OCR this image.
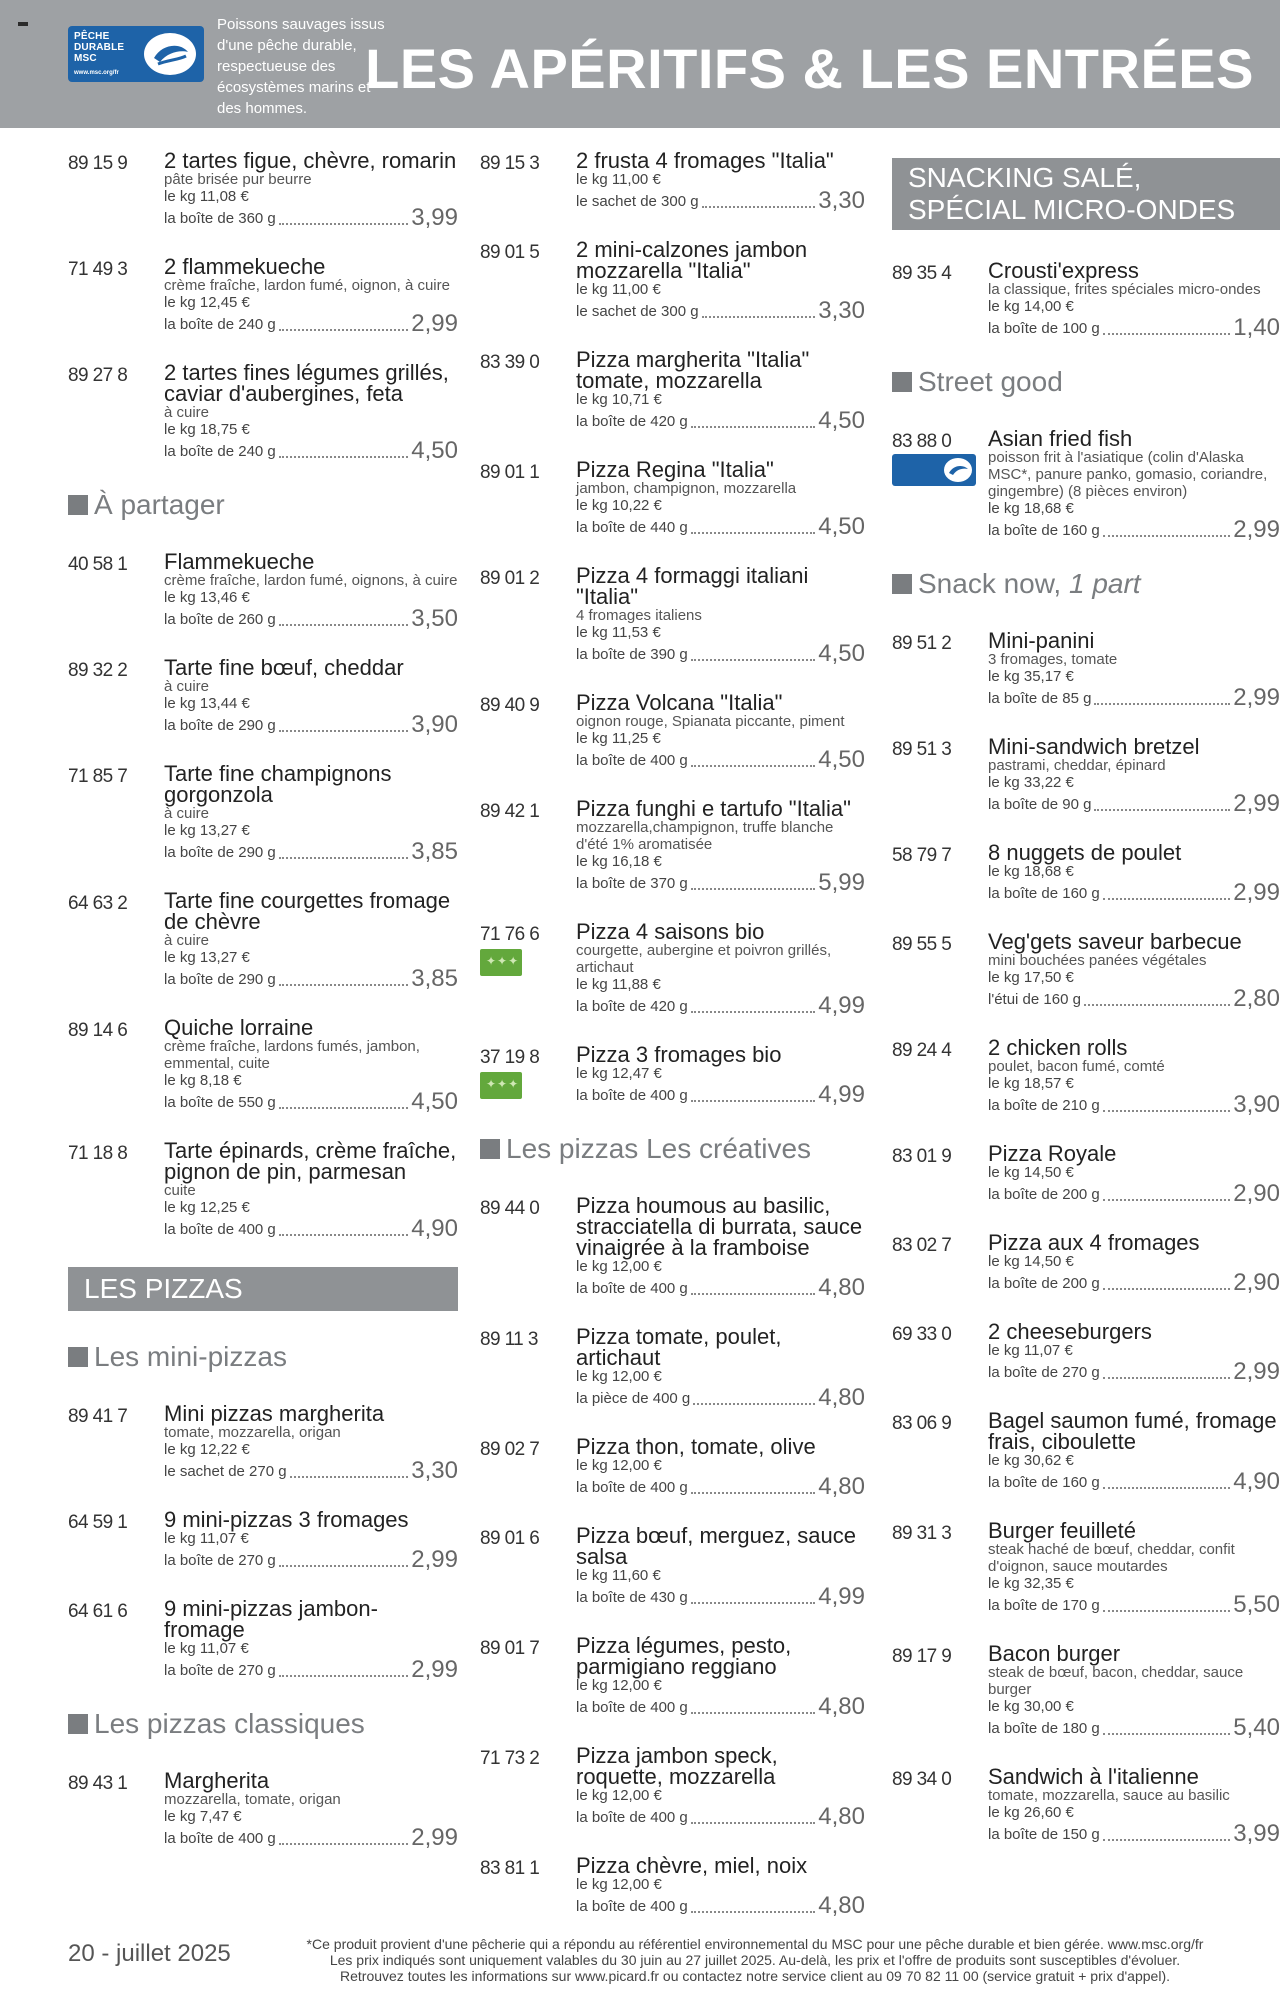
PÊCHE DURABLE MSC
www.msc.org/fr
Poissons sauvages issus d'une pêche durable, respectueuse des écosystèmes marins et des hommes.
LES APÉRITIFS & LES ENTRÉES
89 15 9 2 tartes figue, chèvre, romarin
pâte brisée pur beurre
le kg 11,08 €
la boîte de 360 g	3,99
71 49 3 2 flammekueche
crème fraîche, lardon fumé, oignon, à cuire
le kg 12,45 €
la boîte de 240 g	2,99
89 27 8 2 tartes fines légumes grillés, caviar d'aubergines, feta
à cuire
le kg 18,75 €
la boîte de 240 g	4,50
À partager
40 58 1 Flammekueche
crème fraîche, lardon fumé, oignons, à cuire
le kg 13,46 €
la boîte de 260 g	3,50
89 32 2 Tarte fine bœuf, cheddar
à cuire
le kg 13,44 €
la boîte de 290 g	3,90
71 85 7 Tarte fine champignons gorgonzola
à cuire
le kg 13,27 €
la boîte de 290 g	3,85
64 63 2 Tarte fine courgettes fromage de chèvre
à cuire
le kg 13,27 €
la boîte de 290 g	3,85
89 14 6 Quiche lorraine
crème fraîche, lardons fumés, jambon, emmental, cuite
le kg 8,18 €
la boîte de 550 g	4,50
71 18 8 Tarte épinards, crème fraîche, pignon de pin, parmesan
cuite
le kg 12,25 €
la boîte de 400 g	4,90
LES PIZZAS
Les mini-pizzas
89 41 7 Mini pizzas margherita
tomate, mozzarella, origan
le kg 12,22 €
le sachet de 270 g	3,30
64 59 1 9 mini-pizzas 3 fromages
le kg 11,07 €
la boîte de 270 g	2,99
64 61 6 9 mini-pizzas jambon-fromage
le kg 11,07 €
la boîte de 270 g	2,99
Les pizzas classiques
89 43 1 Margherita
mozzarella, tomate, origan
le kg 7,47 €
la boîte de 400 g	2,99
89 15 3 2 frusta 4 fromages "Italia"
le kg 11,00 €
le sachet de 300 g	3,30
89 01 5 2 mini-calzones jambon mozzarella "Italia"
le kg 11,00 €
le sachet de 300 g	3,30
83 39 0 Pizza margherita "Italia" tomate, mozzarella
le kg 10,71 €
la boîte de 420 g	4,50
89 01 1 Pizza Regina "Italia"
jambon, champignon, mozzarella
le kg 10,22 €
la boîte de 440 g	4,50
89 01 2 Pizza 4 formaggi italiani "Italia"
4 fromages italiens
le kg 11,53 €
la boîte de 390 g	4,50
89 40 9 Pizza Volcana "Italia"
oignon rouge, Spianata piccante, piment
le kg 11,25 €
la boîte de 400 g	4,50
89 42 1 Pizza funghi e tartufo "Italia"
mozzarella,champignon, truffe blanche d'été 1% aromatisée
le kg 16,18 €
la boîte de 370 g	5,99
71 76 6
✦✦✦
Pizza 4 saisons bio
courgette, aubergine et poivron grillés, artichaut
le kg 11,88 €
la boîte de 420 g	4,99
37 19 8
✦✦✦
Pizza 3 fromages bio
le kg 12,47 €
la boîte de 400 g	4,99
Les pizzas Les créatives
89 44 0 Pizza houmous au basilic, stracciatella di burrata, sauce vinaigrée à la framboise
le kg 12,00 €
la boîte de 400 g	4,80
89 11 3 Pizza tomate, poulet, artichaut
le kg 12,00 €
la pièce de 400 g	4,80
89 02 7 Pizza thon, tomate, olive
le kg 12,00 €
la boîte de 400 g	4,80
89 01 6 Pizza bœuf, merguez, sauce salsa
le kg 11,60 €
la boîte de 430 g	4,99
89 01 7 Pizza légumes, pesto, parmigiano reggiano
le kg 12,00 €
la boîte de 400 g	4,80
71 73 2 Pizza jambon speck, roquette, mozzarella
le kg 12,00 €
la boîte de 400 g	4,80
83 81 1 Pizza chèvre, miel, noix
le kg 12,00 €
la boîte de 400 g	4,80
SNACKING SALÉ,
SPÉCIAL MICRO-ONDES
89 35 4 Crousti'express
la classique, frites spéciales micro-ondes
le kg 14,00 €
la boîte de 100 g	1,40
Street good
83 88 0 Asian fried fish
poisson frit à l'asiatique (colin d'Alaska MSC*, panure panko, gomasio, coriandre, gingembre) (8 pièces environ)
le kg 18,68 €
la boîte de 160 g	2,99
Snack now,
1 part
89 51 2 Mini-panini
3 fromages, tomate
le kg 35,17 €
la boîte de 85 g	2,99
89 51 3 Mini-sandwich bretzel
pastrami, cheddar, épinard
le kg 33,22 €
la boîte de 90 g	2,99
58 79 7 8 nuggets de poulet
le kg 18,68 €
la boîte de 160 g	2,99
89 55 5 Veg'gets saveur barbecue
mini bouchées panées végétales
le kg 17,50 €
l'étui de 160 g	2,80
89 24 4 2 chicken rolls
poulet, bacon fumé, comté
le kg 18,57 €
la boîte de 210 g	3,90
83 01 9 Pizza Royale
le kg 14,50 €
la boîte de 200 g	2,90
83 02 7 Pizza aux 4 fromages
le kg 14,50 €
la boîte de 200 g	2,90
69 33 0 2 cheeseburgers
le kg 11,07 €
la boîte de 270 g	2,99
83 06 9 Bagel saumon fumé, fromage frais, ciboulette
le kg 30,62 €
la boîte de 160 g	4,90
89 31 3 Burger feuilleté
steak haché de bœuf, cheddar, confit d'oignon, sauce moutardes
le kg 32,35 €
la boîte de 170 g	5,50
89 17 9 Bacon burger
steak de bœuf, bacon, cheddar, sauce burger
le kg 30,00 €
la boîte de 180 g	5,40
89 34 0 Sandwich à l'italienne
tomate, mozzarella, sauce au basilic
le kg 26,60 €
la boîte de 150 g	3,99
20 - juillet 2025	*Ce produit provient d'une pêcherie qui a répondu au référentiel environnemental du MSC pour une pêche durable et bien gérée. www.msc.org/fr
Les prix indiqués sont uniquement valables du 30 juin au 27 juillet 2025. Au-delà, les prix et l'offre de produits sont susceptibles d'évoluer.
Retrouvez toutes les informations sur www.picard.fr ou contactez notre service client au 09 70 82 11 00 (service gratuit + prix d'appel).
